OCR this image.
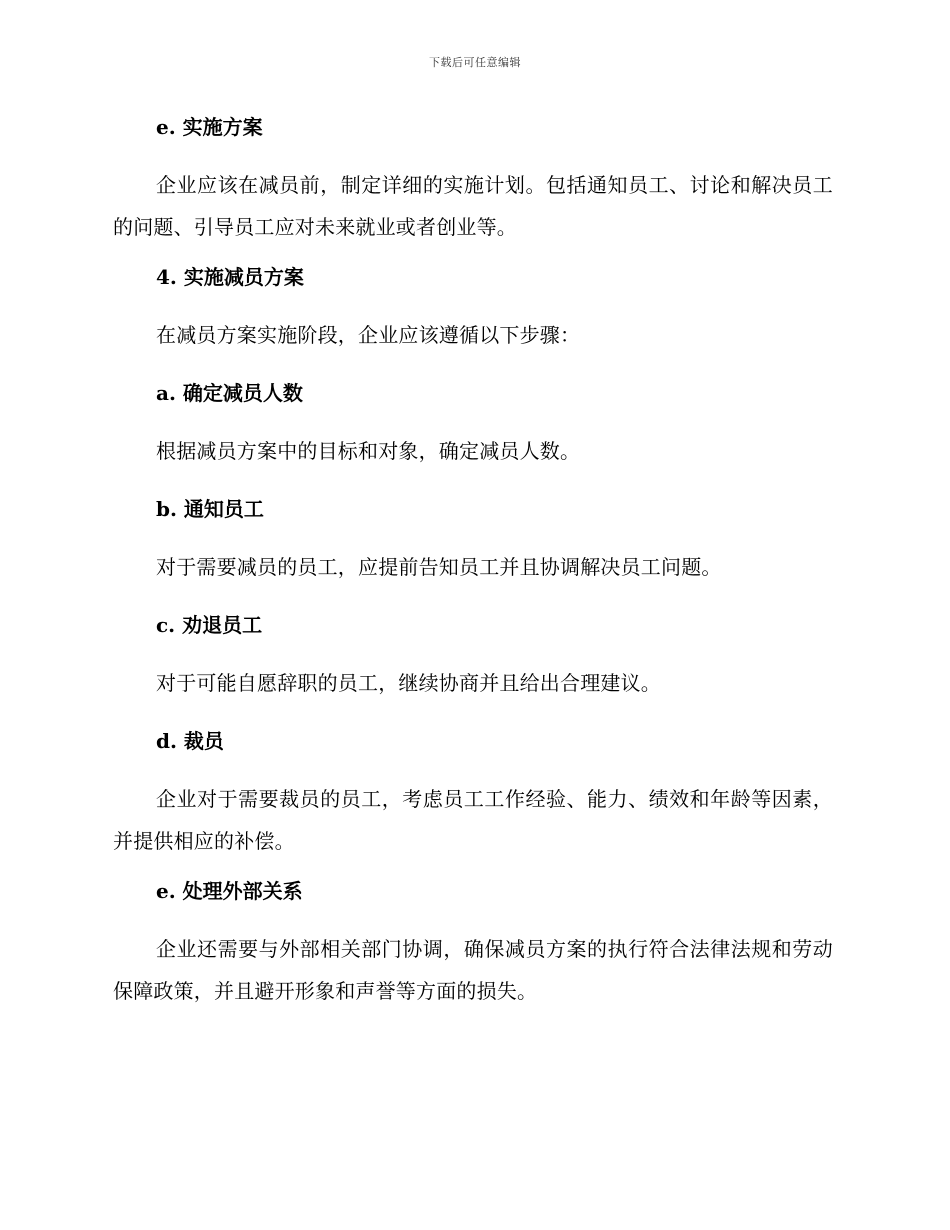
下载后可任意编辑
e. 实施方案

企业应该在减员前，制定详细的实施计划。包括通知员工、讨论和解决员工的问题、引导员工应对未来就业或者创业等。

4. 实施减员方案

在减员方案实施阶段，企业应该遵循以下步骤：

a. 确定减员人数

根据减员方案中的目标和对象，确定减员人数。

b. 通知员工

对于需要减员的员工，应提前告知员工并且协调解决员工问题。

c. 劝退员工

对于可能自愿辞职的员工，继续协商并且给出合理建议。

d. 裁员

企业对于需要裁员的员工，考虑员工工作经验、能力、绩效和年龄等因素，并提供相应的补偿。

e. 处理外部关系

企业还需要与外部相关部门协调，确保减员方案的执行符合法律法规和劳动保障政策，并且避开形象和声誉等方面的损失。
